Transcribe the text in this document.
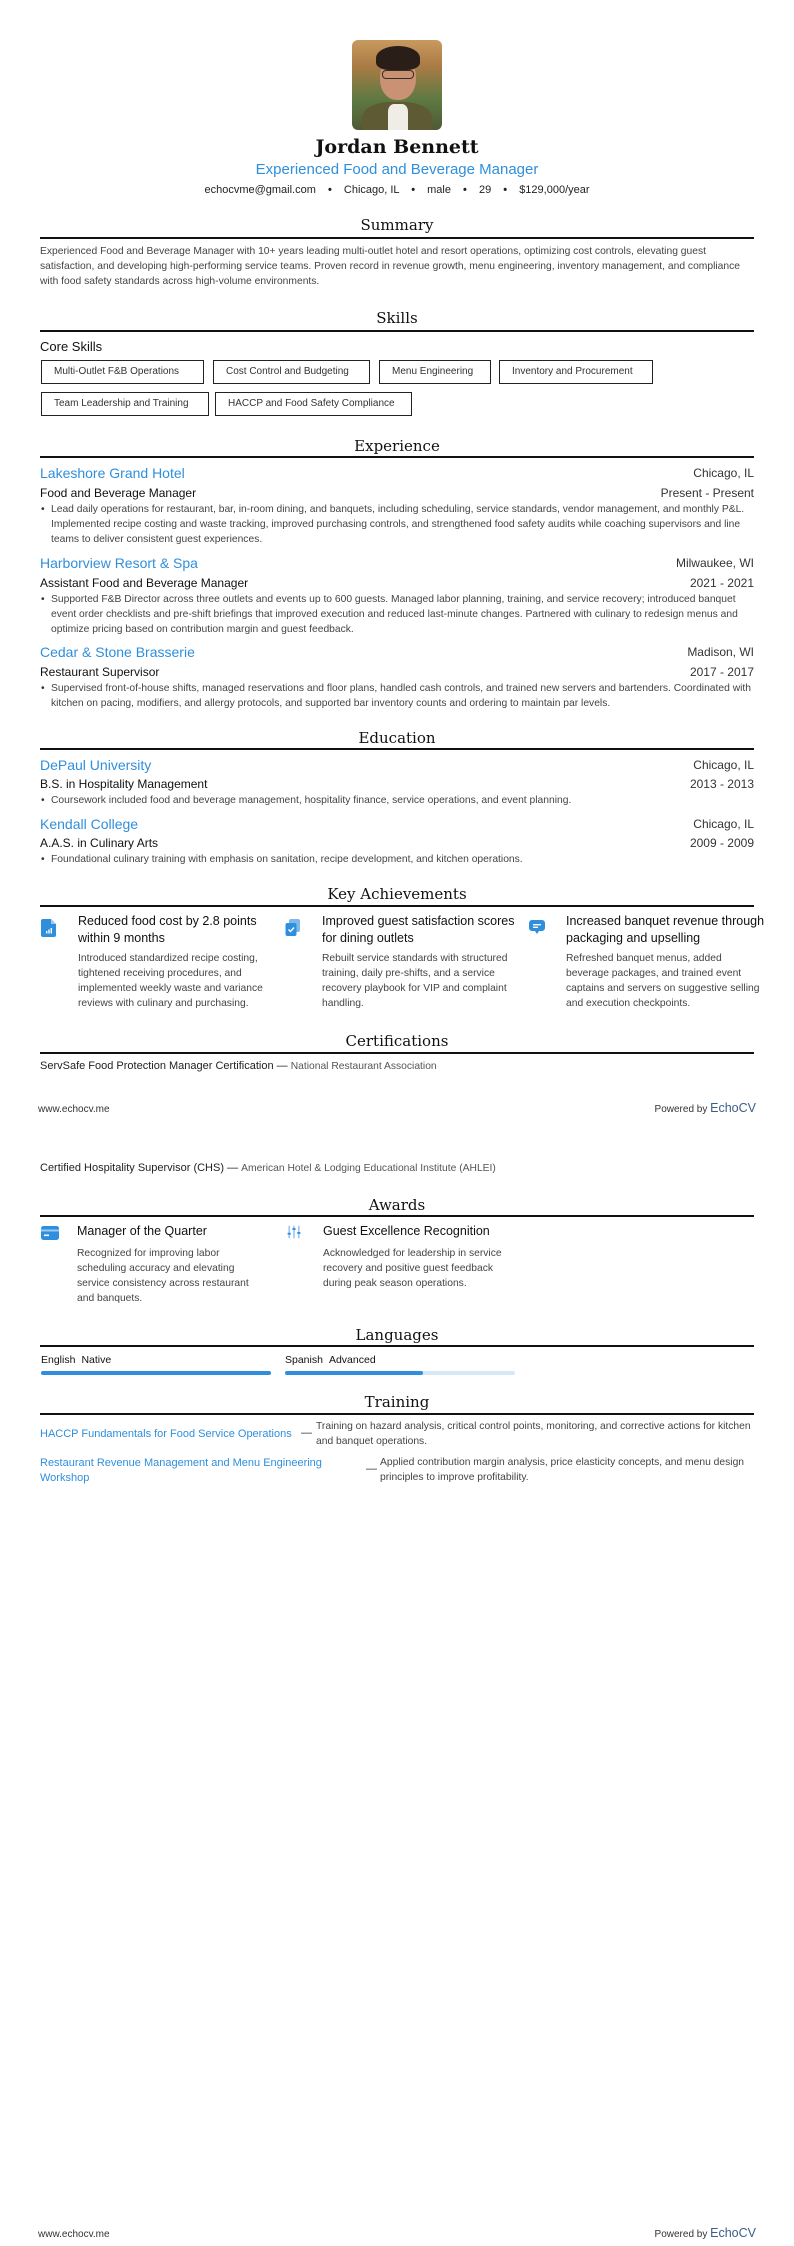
Jordan Bennett
Experienced Food and Beverage Manager
echocvme@gmail.com • Chicago, IL • male • 29 • $129,000/year
Summary
Experienced Food and Beverage Manager with 10+ years leading multi-outlet hotel and resort operations, optimizing cost controls, elevating guest satisfaction, and developing high-performing service teams. Proven record in revenue growth, menu engineering, inventory management, and compliance with food safety standards across high-volume environments.
Skills
Core Skills
Multi-Outlet F&B Operations	Cost Control and Budgeting	Menu Engineering	Inventory and Procurement
Team Leadership and Training	HACCP and Food Safety Compliance
Experience
Lakeshore Grand Hotel	Chicago, IL
Food and Beverage Manager	Present - Present
• Lead daily operations for restaurant, bar, in-room dining, and banquets, including scheduling, service standards, vendor management, and monthly P&L. Implemented recipe costing and waste tracking, improved purchasing controls, and strengthened food safety audits while coaching supervisors and line teams to deliver consistent guest experiences.
Harborview Resort & Spa	Milwaukee, WI
Assistant Food and Beverage Manager	2021 - 2021
• Supported F&B Director across three outlets and events up to 600 guests. Managed labor planning, training, and service recovery; introduced banquet event order checklists and pre-shift briefings that improved execution and reduced last-minute changes. Partnered with culinary to redesign menus and optimize pricing based on contribution margin and guest feedback.
Cedar & Stone Brasserie	Madison, WI
Restaurant Supervisor	2017 - 2017
• Supervised front-of-house shifts, managed reservations and floor plans, handled cash controls, and trained new servers and bartenders. Coordinated with kitchen on pacing, modifiers, and allergy protocols, and supported bar inventory counts and ordering to maintain par levels.
Education
DePaul University	Chicago, IL
B.S. in Hospitality Management	2013 - 2013
• Coursework included food and beverage management, hospitality finance, service operations, and event planning.
Kendall College	Chicago, IL
A.A.S. in Culinary Arts	2009 - 2009
• Foundational culinary training with emphasis on sanitation, recipe development, and kitchen operations.
Key Achievements
Reduced food cost by 2.8 points within 9 months
Introduced standardized recipe costing, tightened receiving procedures, and implemented weekly waste and variance reviews with culinary and purchasing.
Improved guest satisfaction scores for dining outlets
Rebuilt service standards with structured training, daily pre-shifts, and a service recovery playbook for VIP and complaint handling.
Increased banquet revenue through packaging and upselling
Refreshed banquet menus, added beverage packages, and trained event captains and servers on suggestive selling and execution checkpoints.
Certifications
ServSafe Food Protection Manager Certification — National Restaurant Association
www.echocv.me	Powered by EchoCV
Certified Hospitality Supervisor (CHS) — American Hotel & Lodging Educational Institute (AHLEI)
Awards
Manager of the Quarter
Recognized for improving labor scheduling accuracy and elevating service consistency across restaurant and banquets.
Guest Excellence Recognition
Acknowledged for leadership in service recovery and positive guest feedback during peak season operations.
Languages
English Native	Spanish Advanced
Training
HACCP Fundamentals for Food Service Operations —
Training on hazard analysis, critical control points, monitoring, and corrective actions for kitchen and banquet operations.
Restaurant Revenue Management and Menu Engineering Workshop
—
Applied contribution margin analysis, price elasticity concepts, and menu design principles to improve profitability.
www.echocv.me	Powered by EchoCV
